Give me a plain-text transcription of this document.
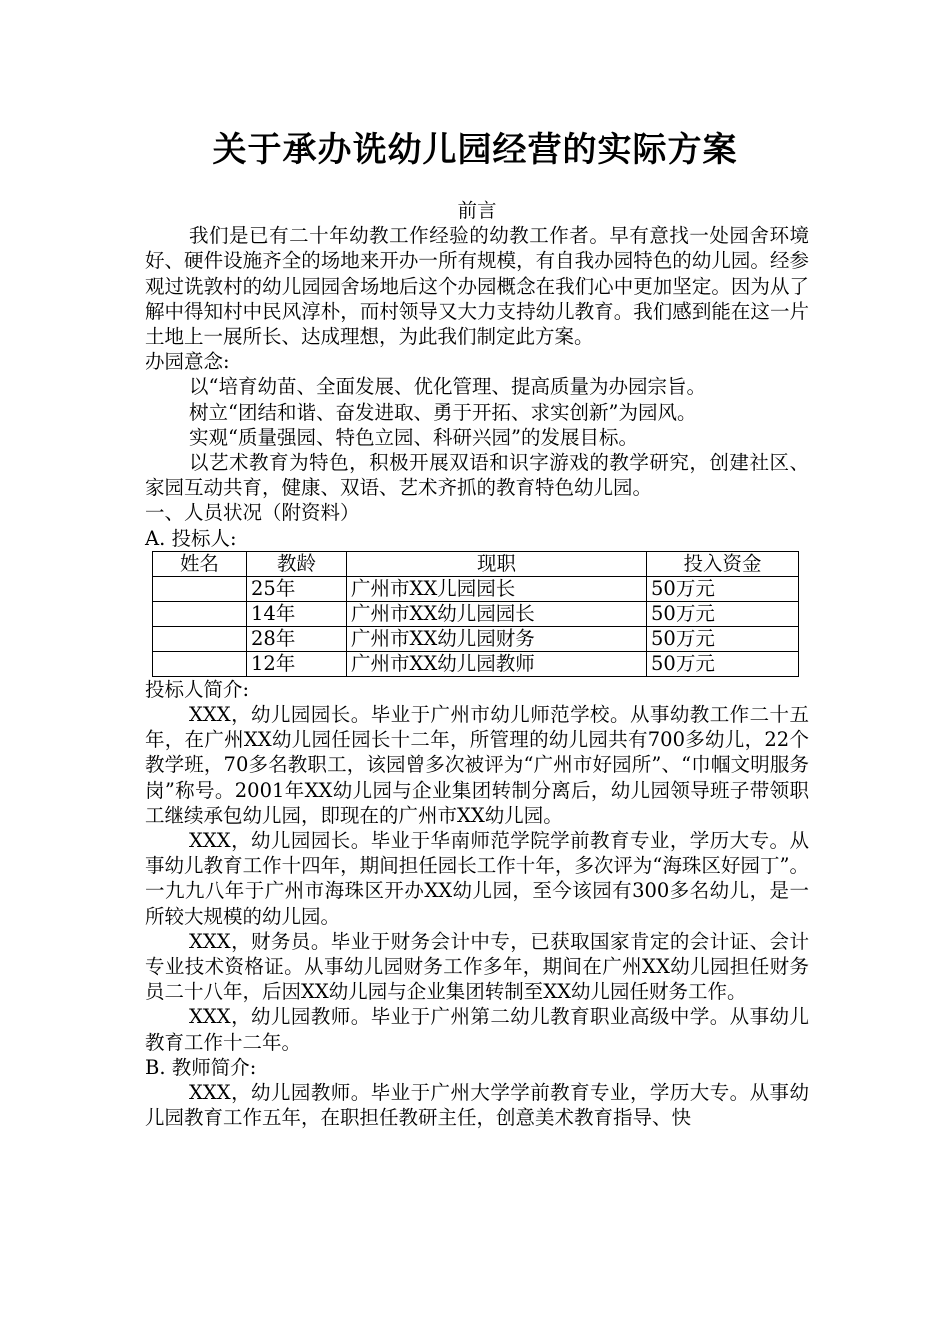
关于承办诜幼儿园经营的实际方案

前言

我们是已有二十年幼教工作经验的幼教工作者。早有意找一处园舍环境好、硬件设施齐全的场地来开办一所有规模，有自我办园特色的幼儿园。经参观过诜敦村的幼儿园园舍场地后这个办园概念在我们心中更加坚定。因为从了解中得知村中民风淳朴，而村领导又大力支持幼儿教育。我们感到能在这一片土地上一展所长、达成理想，为此我们制定此方案。

办园意念:

以“培育幼苗、全面发展、优化管理、提高质量为办园宗旨。

树立“团结和谐、奋发进取、勇于开拓、求实创新”为园风。

实观“质量强园、特色立园、科研兴园”的发展目标。

以艺术教育为特色，积极开展双语和识字游戏的教学研究，创建社区、家园互动共育，健康、双语、艺术齐抓的教育特色幼儿园。

一、人员状况（附资料）

A. 投标人:

姓名	教龄	现职	投入资金
	25年	广州市XX儿园园长	50万元
	14年	广州市XX幼儿园园长	50万元
	28年	广州市XX幼儿园财务	50万元
	12年	广州市XX幼儿园教师	50万元

投标人简介:

XXX，幼儿园园长。毕业于广州市幼儿师范学校。从事幼教工作二十五年，在广州XX幼儿园任园长十二年，所管理的幼儿园共有700多幼儿，22个教学班，70多名教职工，该园曾多次被评为“广州市好园所”、“巾帼文明服务岗”称号。2001年XX幼儿园与企业集团转制分离后，幼儿园领导班子带领职工继续承包幼儿园，即现在的广州市XX幼儿园。

XXX，幼儿园园长。毕业于华南师范学院学前教育专业，学历大专。从事幼儿教育工作十四年，期间担任园长工作十年，多次评为“海珠区好园丁”。一九九八年于广州市海珠区开办XX幼儿园，至今该园有300多名幼儿，是一所较大规模的幼儿园。

XXX，财务员。毕业于财务会计中专，已获取国家肯定的会计证、会计专业技术资格证。从事幼儿园财务工作多年，期间在广州XX幼儿园担任财务员二十八年，后因XX幼儿园与企业集团转制至XX幼儿园任财务工作。

XXX，幼儿园教师。毕业于广州第二幼儿教育职业高级中学。从事幼儿教育工作十二年。

B. 教师简介:

XXX，幼儿园教师。毕业于广州大学学前教育专业，学历大专。从事幼儿园教育工作五年，在职担任教研主任，创意美术教育指导、快
